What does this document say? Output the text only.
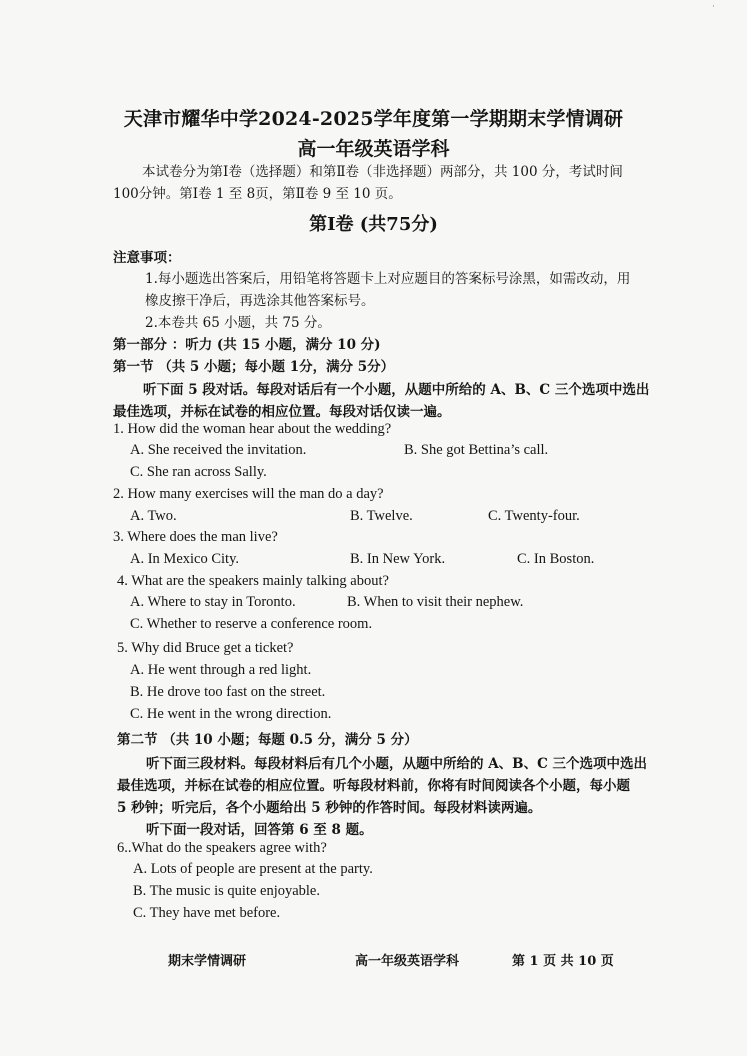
·
天津市耀华中学2024-2025学年度第一学期期末学情调研
高一年级英语学科
本试卷分为第Ⅰ卷（选择题）和第Ⅱ卷（非选择题）两部分，共 100 分，考试时间
100分钟。第Ⅰ卷 1 至 8页，第Ⅱ卷 9 至 10 页。
第Ⅰ卷 (共75分)
注意事项：
1.每小题选出答案后，用铅笔将答题卡上对应题目的答案标号涂黑，如需改动，用
橡皮擦干净后，再选涂其他答案标号。
2.本卷共 65 小题，共 75 分。
第一部分 ：听力 (共 15 小题，满分 10 分)
第一节 （共 5 小题；每小题 1分，满分 5分）
听下面 5 段对话。每段对话后有一个小题，从题中所给的 A、B、C 三个选项中选出
最佳选项，并标在试卷的相应位置。每段对话仅读一遍。
1. How did the woman hear about the wedding?
A. She received the invitation.	B. She got Bettina’s call.
C. She ran across Sally.
2. How many exercises will the man do a day?
A. Two.	B. Twelve.	C. Twenty-four.
3. Where does the man live?
A. In Mexico City.	B. In New York.	C. In Boston.
4. What are the speakers mainly talking about?
A. Where to stay in Toronto.	B. When to visit their nephew.
C. Whether to reserve a conference room.
5. Why did Bruce get a ticket?
A. He went through a red light.
B. He drove too fast on the street.
C. He went in the wrong direction.
第二节 （共 10 小题；每题 0.5 分，满分 5 分）
听下面三段材料。每段材料后有几个小题，从题中所给的 A、B、C 三个选项中选出
最佳选项，并标在试卷的相应位置。听每段材料前，你将有时间阅读各个小题，每小题
5 秒钟；听完后，各个小题给出 5 秒钟的作答时间。每段材料读两遍。
听下面一段对话，回答第 6 至 8 题。
6..What do the speakers agree with?
A. Lots of people are present at the party.
B. The music is quite enjoyable.
C. They have met before.
期末学情调研	高一年级英语学科	第 1 页 共 10 页
